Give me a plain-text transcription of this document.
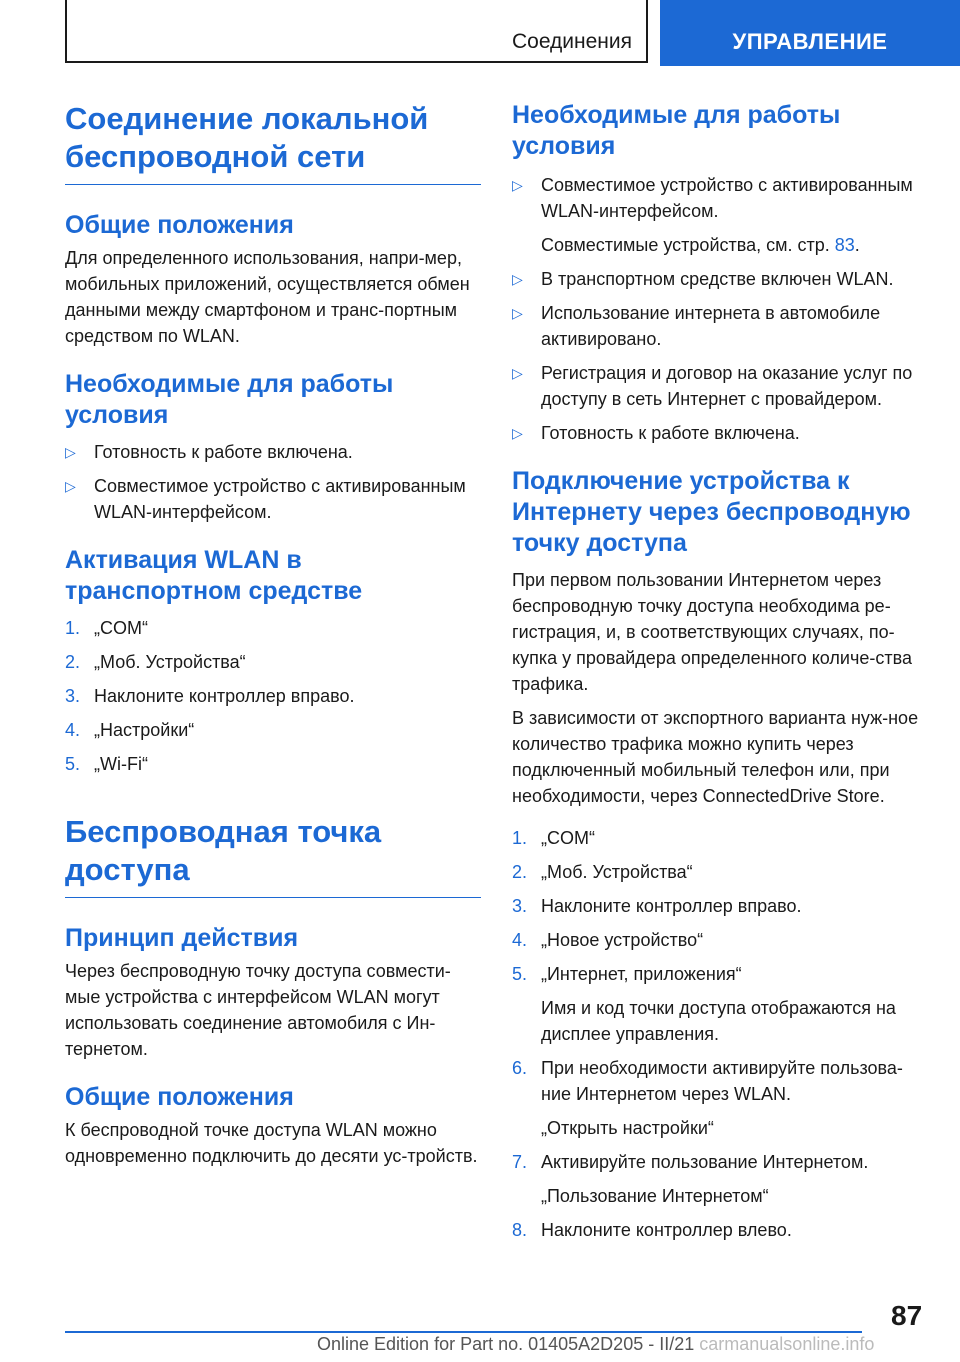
Соединения	УПРАВЛЕНИЕ
Соединение локальной беспроводной сети
Общие положения

Для определенного использования, напри-мер, мобильных приложений, осуществляется обмен данными между смартфоном и транс-портным средством по WLAN.

Необходимые для работы условия
▷ Готовность к работе включена.
▷ Совместимое устройство с активированным WLAN-интерфейсом.
Активация WLAN в транспортном средстве
1. „COM“
2. „Моб. Устройства“
3. Наклоните контроллер вправо.
4. „Настройки“
5. „Wi-Fi“
Беспроводная точка доступа
Принцип действия

Через беспроводную точку доступа совмести-мые устройства с интерфейсом WLAN могут использовать соединение автомобиля с Ин-тернетом.

Общие положения

К беспроводной точке доступа WLAN можно одновременно подключить до десяти ус-тройств.

Необходимые для работы условия
▷ Совместимое устройство с активированным WLAN-интерфейсом.
Совместимые устройства, см. стр. 83.
▷ В транспортном средстве включен WLAN.
▷ Использование интернета в автомобиле активировано.
▷ Регистрация и договор на оказание услуг по доступу в сеть Интернет с провайдером.
▷ Готовность к работе включена.
Подключение устройства к Интернету через беспроводную точку доступа

При первом пользовании Интернетом через беспроводную точку доступа необходима ре-гистрация, и, в соответствующих случаях, по-купка у провайдера определенного количе-ства трафика.

В зависимости от экспортного варианта нуж-ное количество трафика можно купить через подключенный мобильный телефон или, при необходимости, через ConnectedDrive Store.

1. „COM“
2. „Моб. Устройства“
3. Наклоните контроллер вправо.
4. „Новое устройство“
5. „Интернет, приложения“
Имя и код точки доступа отображаются на дисплее управления.
6. При необходимости активируйте пользова-ние Интернетом через WLAN.
„Открыть настройки“
7. Активируйте пользование Интернетом.
„Пользование Интернетом“
8. Наклоните контроллер влево.
87
Online Edition for Part no. 01405A2D205 - II/21 carmanualsonline.info
